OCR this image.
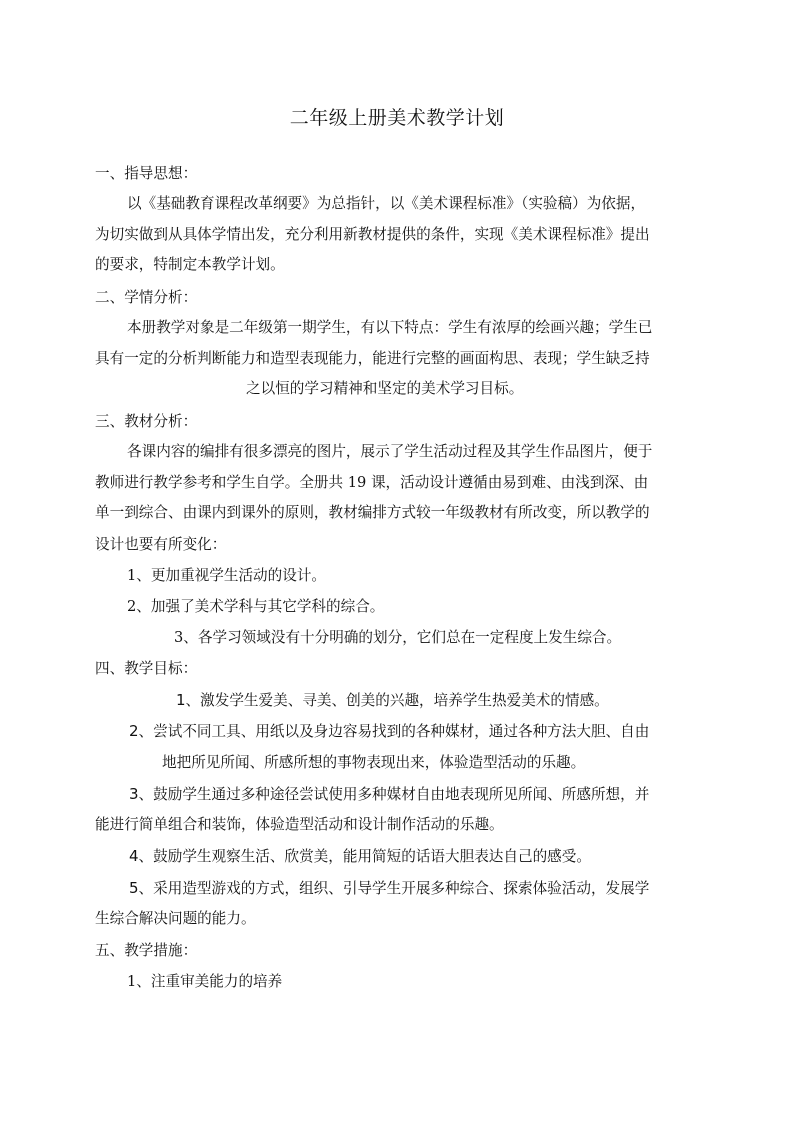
二年级上册美术教学计划
一、指导思想：
以《基础教育课程改革纲要》为总指针，以《美术课程标准》（实验稿）为依据，
为切实做到从具体学情出发，充分利用新教材提供的条件，实现《美术课程标准》提出
的要求，特制定本教学计划。
二、学情分析：
本册教学对象是二年级第一期学生，有以下特点：学生有浓厚的绘画兴趣；学生已
具有一定的分析判断能力和造型表现能力，能进行完整的画面构思、表现；学生缺乏持
之以恒的学习精神和坚定的美术学习目标。
三、教材分析：
各课内容的编排有很多漂亮的图片，展示了学生活动过程及其学生作品图片，便于
教师进行教学参考和学生自学。全册共 19 课，活动设计遵循由易到难、由浅到深、由
单一到综合、由课内到课外的原则，教材编排方式较一年级教材有所改变，所以教学的
设计也要有所变化：
1、更加重视学生活动的设计。
2、加强了美术学科与其它学科的综合。
3、各学习领域没有十分明确的划分，它们总在一定程度上发生综合。
四、教学目标：
1、激发学生爱美、寻美、创美的兴趣，培养学生热爱美术的情感。
2、尝试不同工具、用纸以及身边容易找到的各种媒材，通过各种方法大胆、自由
地把所见所闻、所感所想的事物表现出来，体验造型活动的乐趣。
3、鼓励学生通过多种途径尝试使用多种媒材自由地表现所见所闻、所感所想，并
能进行简单组合和装饰，体验造型活动和设计制作活动的乐趣。
4、鼓励学生观察生活、欣赏美，能用简短的话语大胆表达自己的感受。
5、采用造型游戏的方式，组织、引导学生开展多种综合、探索体验活动，发展学
生综合解决问题的能力。
五、教学措施：
1、注重审美能力的培养
